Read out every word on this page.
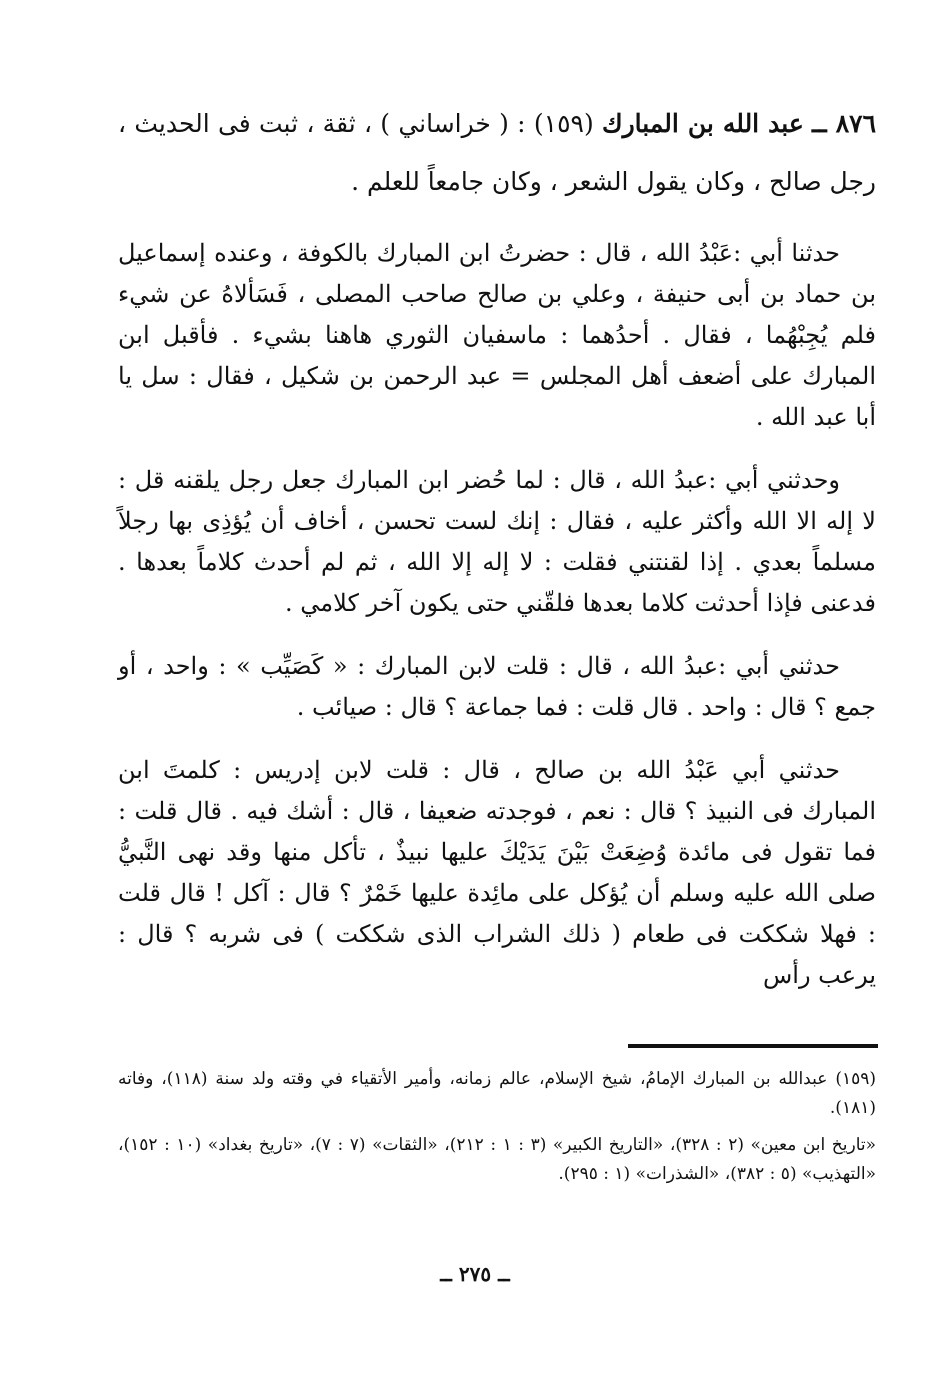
٨٧٦ ــ عبد الله بن المبارك (١٥٩) : ( خراساني ) ، ثقة ، ثبت فى الحديث ، رجل صالح ، وكان يقول الشعر ، وكان جامعاً للعلم .

حدثنا أبي :عَبْدُ الله ، قال : حضرتُ ابن المبارك بالكوفة ، وعنده إسماعيل بن حماد بن أبى حنيفة ، وعلي بن صالح صاحب المصلى ، فَسَألاهُ عن شيء فلم يُجِبْهُما ، فقال . أحدُهما : ماسفيان الثوري هاهنا بشيء . فأقبل ابن المبارك على أضعف أهل المجلس = عبد الرحمن بن شكيل ، فقال : سل يا أبا عبد الله .

وحدثني أبي :عبدُ الله ، قال : لما حُضر ابن المبارك جعل رجل يلقنه قل : لا إله الا الله وأكثر عليه ، فقال : إنك لست تحسن ، أخاف أن يُؤذِى بها رجلاً مسلماً بعدي . إذا لقنتني فقلت : لا إله إلا الله ، ثم لم أحدث كلاماً بعدها . فدعنى فإذا أحدثت كلاما بعدها فلقّني حتى يكون آخر كلامي .

حدثني أبي :عبدُ الله ، قال : قلت لابن المبارك : « كَصَيِّب » : واحد ، أو جمع ؟ قال : واحد . قال قلت : فما جماعة ؟ قال : صيائب .

حدثني أبي عَبْدُ الله بن صالح ، قال : قلت لابن إدريس : كلمتَ ابن المبارك فى النبيذ ؟ قال : نعم ، فوجدته ضعيفا ، قال : أشك فيه . قال قلت : فما تقول فى مائدة وُضِعَتْ بَيْنَ يَدَيْكَ عليها نبيذٌ ، تأكل منها وقد نهى النَّبيُّ صلى الله عليه وسلم أن يُؤكل على مائِدة عليها خَمْرٌ ؟ قال : آكل ! قال قلت : فهلا شككت فى طعام ( ذلك الشراب الذى شككت ) فى شربه ؟ قال : يرعب رأس

(١٥٩) عبدالله بن المبارك الإمامُ، شيخ الإسلام، عالم زمانه، وأمير الأتقياء في وقته ولد سنة (١١٨)، وفاته (١٨١).

«تاريخ ابن معين» (٢ : ٣٢٨)، «التاريخ الكبير» (٣ : ١ : ٢١٢)، «الثقات» (٧ : ٧)، «تاريخ بغداد» (١٠ : ١٥٢)، «التهذيب» (٥ : ٣٨٢)، «الشذرات» (١ : ٢٩٥).

ــ ٢٧٥ ــ
